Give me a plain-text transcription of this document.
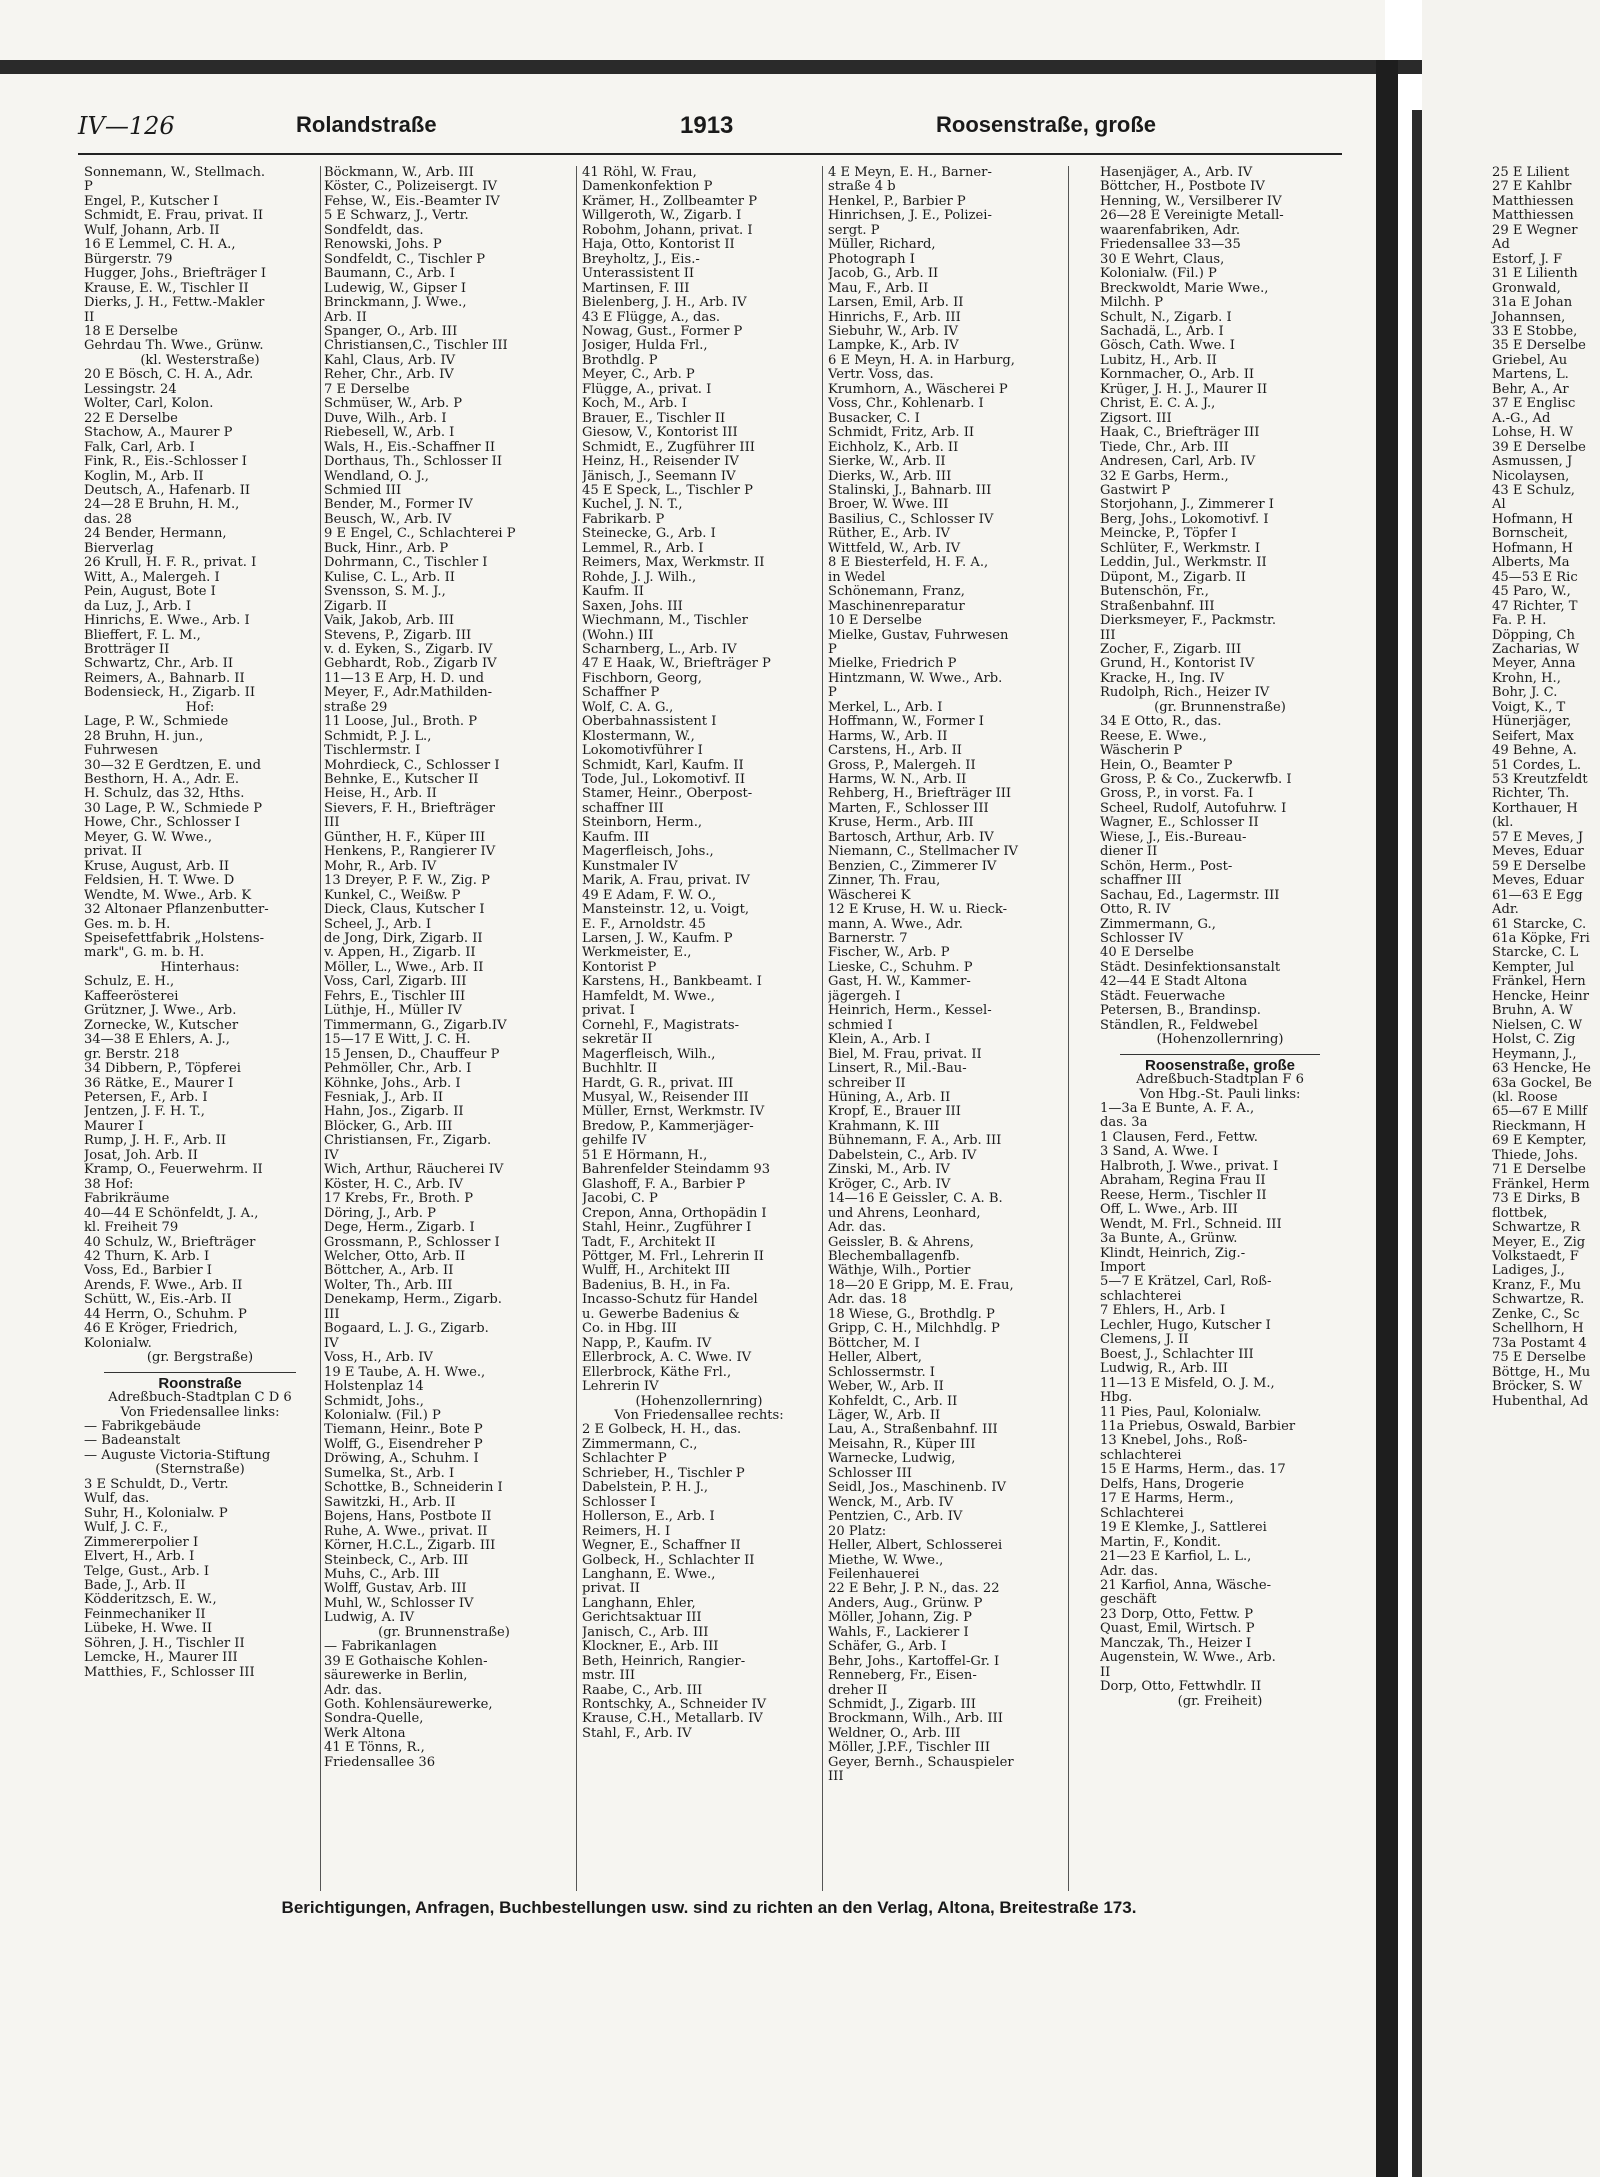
IV—126	Rolandstraße	1913	Roosenstraße, große
Sonnemann, W., Stellmach.
P
Engel, P., Kutscher I
Schmidt, E. Frau, privat. II
Wulf, Johann, Arb. II
16 E Lemmel, C. H. A.,
Bürgerstr. 79
Hugger, Johs., Briefträger I
Krause, E. W., Tischler II
Dierks, J. H., Fettw.-Makler
II
18 E Derselbe
Gehrdau Th. Wwe., Grünw.
(kl. Westerstraße)
20 E Bösch, C. H. A., Adr.
Lessingstr. 24
Wolter, Carl, Kolon.
22 E Derselbe
Stachow, A., Maurer P
Falk, Carl, Arb. I
Fink, R., Eis.-Schlosser I
Koglin, M., Arb. II
Deutsch, A., Hafenarb. II
24—28 E Bruhn, H. M.,
das. 28
24 Bender, Hermann,
Bierverlag
26 Krull, H. F. R., privat. I
Witt, A., Malergeh. I
Pein, August, Bote I
da Luz, J., Arb. I
Hinrichs, E. Wwe., Arb. I
Blieffert, F. L. M.,
Brotträger II
Schwartz, Chr., Arb. II
Reimers, A., Bahnarb. II
Bodensieck, H., Zigarb. II
Hof:
Lage, P. W., Schmiede
28 Bruhn, H. jun.,
Fuhrwesen
30—32 E Gerdtzen, E. und
Besthorn, H. A., Adr. E.
H. Schulz, das 32, Hths.
30 Lage, P. W., Schmiede P
Howe, Chr., Schlosser I
Meyer, G. W. Wwe.,
privat. II
Kruse, August, Arb. II
Feldsien, H. T. Wwe. D
Wendte, M. Wwe., Arb. K
32 Altonaer Pflanzenbutter-
Ges. m. b. H.
Speisefettfabrik „Holstens-
mark", G. m. b. H.
Hinterhaus:
Schulz, E. H.,
Kaffeerösterei
Grützner, J. Wwe., Arb.
Zornecke, W., Kutscher
34—38 E Ehlers, A. J.,
gr. Berstr. 218
34 Dibbern, P., Töpferei
36 Rätke, E., Maurer I
Petersen, F., Arb. I
Jentzen, J. F. H. T.,
Maurer I
Rump, J. H. F., Arb. II
Josat, Joh. Arb. II
Kramp, O., Feuerwehrm. II
38 Hof:
Fabrikräume
40—44 E Schönfeldt, J. A.,
kl. Freiheit 79
40 Schulz, W., Briefträger
42 Thurn, K. Arb. I
Voss, Ed., Barbier I
Arends, F. Wwe., Arb. II
Schütt, W., Eis.-Arb. II
44 Herrn, O., Schuhm. P
46 E Kröger, Friedrich,
Kolonialw.
(gr. Bergstraße)
Roonstraße
Adreßbuch-Stadtplan C D 6
Von Friedensallee links:
— Fabrikgebäude
— Badeanstalt
— Auguste Victoria-Stiftung
(Sternstraße)
3 E Schuldt, D., Vertr.
Wulf, das.
Suhr, H., Kolonialw. P
Wulf, J. C. F.,
Zimmererpolier I
Elvert, H., Arb. I
Telge, Gust., Arb. I
Bade, J., Arb. II
Ködderitzsch, E. W.,
Feinmechaniker II
Lübeke, H. Wwe. II
Söhren, J. H., Tischler II
Lemcke, H., Maurer III
Matthies, F., Schlosser III
Böckmann, W., Arb. III
Köster, C., Polizeisergt. IV
Fehse, W., Eis.-Beamter IV
5 E Schwarz, J., Vertr.
Sondfeldt, das.
Renowski, Johs. P
Sondfeldt, C., Tischler P
Baumann, C., Arb. I
Ludewig, W., Gipser I
Brinckmann, J. Wwe.,
Arb. II
Spanger, O., Arb. III
Christiansen,C., Tischler III
Kahl, Claus, Arb. IV
Reher, Chr., Arb. IV
7 E Derselbe
Schmüser, W., Arb. P
Duve, Wilh., Arb. I
Riebesell, W., Arb. I
Wals, H., Eis.-Schaffner II
Dorthaus, Th., Schlosser II
Wendland, O. J.,
Schmied III
Bender, M., Former IV
Beusch, W., Arb. IV
9 E Engel, C., Schlachterei P
Buck, Hinr., Arb. P
Dohrmann, C., Tischler I
Kulise, C. L., Arb. II
Svensson, S. M. J.,
Zigarb. II
Vaik, Jakob, Arb. III
Stevens, P., Zigarb. III
v. d. Eyken, S., Zigarb. IV
Gebhardt, Rob., Zigarb IV
11—13 E Arp, H. D. und
Meyer, F., Adr.Mathilden-
straße 29
11 Loose, Jul., Broth. P
Schmidt, P. J. L.,
Tischlermstr. I
Mohrdieck, C., Schlosser I
Behnke, E., Kutscher II
Heise, H., Arb. II
Sievers, F. H., Briefträger
III
Günther, H. F., Küper III
Henkens, P., Rangierer IV
Mohr, R., Arb. IV
13 Dreyer, P. F. W., Zig. P
Kunkel, C., Weißw. P
Dieck, Claus, Kutscher I
Scheel, J., Arb. I
de Jong, Dirk, Zigarb. II
v. Appen, H., Zigarb. II
Möller, L., Wwe., Arb. II
Voss, Carl, Zigarb. III
Fehrs, E., Tischler III
Lüthje, H., Müller IV
Timmermann, G., Zigarb.IV
15—17 E Witt, J. C. H.
15 Jensen, D., Chauffeur P
Pehmöller, Chr., Arb. I
Köhnke, Johs., Arb. I
Fesniak, J., Arb. II
Hahn, Jos., Zigarb. II
Blöcker, G., Arb. III
Christiansen, Fr., Zigarb.
IV
Wich, Arthur, Räucherei IV
Köster, H. C., Arb. IV
17 Krebs, Fr., Broth. P
Döring, J., Arb. P
Dege, Herm., Zigarb. I
Grossmann, P., Schlosser I
Welcher, Otto, Arb. II
Böttcher, A., Arb. II
Wolter, Th., Arb. III
Denekamp, Herm., Zigarb.
III
Bogaard, L. J. G., Zigarb.
IV
Voss, H., Arb. IV
19 E Taube, A. H. Wwe.,
Holstenplaz 14
Schmidt, Johs.,
Kolonialw. (Fil.) P
Tiemann, Heinr., Bote P
Wolff, G., Eisendreher P
Dröwing, A., Schuhm. I
Sumelka, St., Arb. I
Schottke, B., Schneiderin I
Sawitzki, H., Arb. II
Bojens, Hans, Postbote II
Ruhe, A. Wwe., privat. II
Körner, H.C.L., Zigarb. III
Steinbeck, C., Arb. III
Muhs, C., Arb. III
Wolff, Gustav, Arb. III
Muhl, W., Schlosser IV
Ludwig, A. IV
(gr. Brunnenstraße)
— Fabrikanlagen
39 E Gothaische Kohlen-
säurewerke in Berlin,
Adr. das.
Goth. Kohlensäurewerke,
Sondra-Quelle,
Werk Altona
41 E Tönns, R.,
Friedensallee 36
41 Röhl, W. Frau,
Damenkonfektion P
Krämer, H., Zollbeamter P
Willgeroth, W., Zigarb. I
Robohm, Johann, privat. I
Haja, Otto, Kontorist II
Breyholtz, J., Eis.-
Unterassistent II
Martinsen, F. III
Bielenberg, J. H., Arb. IV
43 E Flügge, A., das.
Nowag, Gust., Former P
Josiger, Hulda Frl.,
Brothdlg. P
Meyer, C., Arb. P
Flügge, A., privat. I
Koch, M., Arb. I
Brauer, E., Tischler II
Giesow, V., Kontorist III
Schmidt, E., Zugführer III
Heinz, H., Reisender IV
Jänisch, J., Seemann IV
45 E Speck, L., Tischler P
Kuchel, J. N. T.,
Fabrikarb. P
Steinecke, G., Arb. I
Lemmel, R., Arb. I
Reimers, Max, Werkmstr. II
Rohde, J. J. Wilh.,
Kaufm. II
Saxen, Johs. III
Wiechmann, M., Tischler
(Wohn.) III
Scharnberg, L., Arb. IV
47 E Haak, W., Briefträger P
Fischborn, Georg,
Schaffner P
Wolf, C. A. G.,
Oberbahnassistent I
Klostermann, W.,
Lokomotivführer I
Schmidt, Karl, Kaufm. II
Tode, Jul., Lokomotivf. II
Stamer, Heinr., Oberpost-
schaffner III
Steinborn, Herm.,
Kaufm. III
Magerfleisch, Johs.,
Kunstmaler IV
Marik, A. Frau, privat. IV
49 E Adam, F. W. O.,
Mansteinstr. 12, u. Voigt,
E. F., Arnoldstr. 45
Larsen, J. W., Kaufm. P
Werkmeister, E.,
Kontorist P
Karstens, H., Bankbeamt. I
Hamfeldt, M. Wwe.,
privat. I
Cornehl, F., Magistrats-
sekretär II
Magerfleisch, Wilh.,
Buchhltr. II
Hardt, G. R., privat. III
Musyal, W., Reisender III
Müller, Ernst, Werkmstr. IV
Bredow, P., Kammerjäger-
gehilfe IV
51 E Hörmann, H.,
Bahrenfelder Steindamm 93
Glashoff, F. A., Barbier P
Jacobi, C. P
Crepon, Anna, Orthopädin I
Stahl, Heinr., Zugführer I
Tadt, F., Architekt II
Pöttger, M. Frl., Lehrerin II
Wulff, H., Architekt III
Badenius, B. H., in Fa.
Incasso-Schutz für Handel
u. Gewerbe Badenius &
Co. in Hbg. III
Napp, P., Kaufm. IV
Ellerbrock, A. C. Wwe. IV
Ellerbrock, Käthe Frl.,
Lehrerin IV
(Hohenzollernring)
Von Friedensallee rechts:
2 E Golbeck, H. H., das.
Zimmermann, C.,
Schlachter P
Schrieber, H., Tischler P
Dabelstein, P. H. J.,
Schlosser I
Hollerson, E., Arb. I
Reimers, H. I
Wegner, E., Schaffner II
Golbeck, H., Schlachter II
Langhann, E. Wwe.,
privat. II
Langhann, Ehler,
Gerichtsaktuar III
Janisch, C., Arb. III
Klockner, E., Arb. III
Beth, Heinrich, Rangier-
mstr. III
Raabe, C., Arb. III
Rontschky, A., Schneider IV
Krause, C.H., Metallarb. IV
Stahl, F., Arb. IV
4 E Meyn, E. H., Barner-
straße 4 b
Henkel, P., Barbier P
Hinrichsen, J. E., Polizei-
sergt. P
Müller, Richard,
Photograph I
Jacob, G., Arb. II
Mau, F., Arb. II
Larsen, Emil, Arb. II
Hinrichs, F., Arb. III
Siebuhr, W., Arb. IV
Lampke, K., Arb. IV
6 E Meyn, H. A. in Harburg,
Vertr. Voss, das.
Krumhorn, A., Wäscherei P
Voss, Chr., Kohlenarb. I
Busacker, C. I
Schmidt, Fritz, Arb. II
Eichholz, K., Arb. II
Sierke, W., Arb. II
Dierks, W., Arb. III
Stalinski, J., Bahnarb. III
Broer, W. Wwe. III
Basilius, C., Schlosser IV
Rüther, E., Arb. IV
Wittfeld, W., Arb. IV
8 E Biesterfeld, H. F. A.,
in Wedel
Schönemann, Franz,
Maschinenreparatur
10 E Derselbe
Mielke, Gustav, Fuhrwesen
P
Mielke, Friedrich P
Hintzmann, W. Wwe., Arb.
P
Merkel, L., Arb. I
Hoffmann, W., Former I
Harms, W., Arb. II
Carstens, H., Arb. II
Gross, P., Malergeh. II
Harms, W. N., Arb. II
Rehberg, H., Briefträger III
Marten, F., Schlosser III
Kruse, Herm., Arb. III
Bartosch, Arthur, Arb. IV
Niemann, C., Stellmacher IV
Benzien, C., Zimmerer IV
Zinner, Th. Frau,
Wäscherei K
12 E Kruse, H. W. u. Rieck-
mann, A. Wwe., Adr.
Barnerstr. 7
Fischer, W., Arb. P
Lieske, C., Schuhm. P
Gast, H. W., Kammer-
jägergeh. I
Heinrich, Herm., Kessel-
schmied I
Klein, A., Arb. I
Biel, M. Frau, privat. II
Linsert, R., Mil.-Bau-
schreiber II
Hüning, A., Arb. II
Kropf, E., Brauer III
Krahmann, K. III
Bühnemann, F. A., Arb. III
Dabelstein, C., Arb. IV
Zinski, M., Arb. IV
Kröger, C., Arb. IV
14—16 E Geissler, C. A. B.
und Ahrens, Leonhard,
Adr. das.
Geissler, B. & Ahrens,
Blechemballagenfb.
Wäthje, Wilh., Portier
18—20 E Gripp, M. E. Frau,
Adr. das. 18
18 Wiese, G., Brothdlg. P
Gripp, C. H., Milchhdlg. P
Böttcher, M. I
Heller, Albert,
Schlossermstr. I
Weber, W., Arb. II
Kohfeldt, C., Arb. II
Läger, W., Arb. II
Lau, A., Straßenbahnf. III
Meisahn, R., Küper III
Warnecke, Ludwig,
Schlosser III
Seidl, Jos., Maschinenb. IV
Wenck, M., Arb. IV
Pentzien, C., Arb. IV
20 Platz:
Heller, Albert, Schlosserei
Miethe, W. Wwe.,
Feilenhauerei
22 E Behr, J. P. N., das. 22
Anders, Aug., Grünw. P
Möller, Johann, Zig. P
Wahls, F., Lackierer I
Schäfer, G., Arb. I
Behr, Johs., Kartoffel-Gr. I
Renneberg, Fr., Eisen-
dreher II
Schmidt, J., Zigarb. III
Brockmann, Wilh., Arb. III
Weldner, O., Arb. III
Möller, J.P.F., Tischler III
Geyer, Bernh., Schauspieler
III
Hasenjäger, A., Arb. IV
Böttcher, H., Postbote IV
Henning, W., Versilberer IV
26—28 E Vereinigte Metall-
waarenfabriken, Adr.
Friedensallee 33—35
30 E Wehrt, Claus,
Kolonialw. (Fil.) P
Breckwoldt, Marie Wwe.,
Milchh. P
Schult, N., Zigarb. I
Sachadä, L., Arb. I
Gösch, Cath. Wwe. I
Lubitz, H., Arb. II
Kornmacher, O., Arb. II
Krüger, J. H. J., Maurer II
Christ, E. C. A. J.,
Zigsort. III
Haak, C., Briefträger III
Tiede, Chr., Arb. III
Andresen, Carl, Arb. IV
32 E Garbs, Herm.,
Gastwirt P
Storjohann, J., Zimmerer I
Berg, Johs., Lokomotivf. I
Meincke, P., Töpfer I
Schlüter, F., Werkmstr. I
Leddin, Jul., Werkmstr. II
Düpont, M., Zigarb. II
Butenschön, Fr.,
Straßenbahnf. III
Dierksmeyer, F., Packmstr.
III
Zocher, F., Zigarb. III
Grund, H., Kontorist IV
Kracke, H., Ing. IV
Rudolph, Rich., Heizer IV
(gr. Brunnenstraße)
34 E Otto, R., das.
Reese, E. Wwe.,
Wäscherin P
Hein, O., Beamter P
Gross, P. & Co., Zuckerwfb. I
Gross, P., in vorst. Fa. I
Scheel, Rudolf, Autofuhrw. I
Wagner, E., Schlosser II
Wiese, J., Eis.-Bureau-
diener II
Schön, Herm., Post-
schaffner III
Sachau, Ed., Lagermstr. III
Otto, R. IV
Zimmermann, G.,
Schlosser IV
40 E Derselbe
Städt. Desinfektionsanstalt
42—44 E Stadt Altona
Städt. Feuerwache
Petersen, B., Brandinsp.
Ständlen, R., Feldwebel
(Hohenzollernring)
Roosenstraße, große
Adreßbuch-Stadtplan F 6
Von Hbg.-St. Pauli links:
1—3a E Bunte, A. F. A.,
das. 3a
1 Clausen, Ferd., Fettw.
3 Sand, A. Wwe. I
Halbroth, J. Wwe., privat. I
Abraham, Regina Frau II
Reese, Herm., Tischler II
Off, L. Wwe., Arb. III
Wendt, M. Frl., Schneid. III
3a Bunte, A., Grünw.
Klindt, Heinrich, Zig.-
Import
5—7 E Krätzel, Carl, Roß-
schlachterei
7 Ehlers, H., Arb. I
Lechler, Hugo, Kutscher I
Clemens, J. II
Boest, J., Schlachter III
Ludwig, R., Arb. III
11—13 E Misfeld, O. J. M.,
Hbg.
11 Pies, Paul, Kolonialw.
11a Priebus, Oswald, Barbier
13 Knebel, Johs., Roß-
schlachterei
15 E Harms, Herm., das. 17
Delfs, Hans, Drogerie
17 E Harms, Herm.,
Schlachterei
19 E Klemke, J., Sattlerei
Martin, F., Kondit.
21—23 E Karfiol, L. L.,
Adr. das.
21 Karfiol, Anna, Wäsche-
geschäft
23 Dorp, Otto, Fettw. P
Quast, Emil, Wirtsch. P
Manczak, Th., Heizer I
Augenstein, W. Wwe., Arb.
II
Dorp, Otto, Fettwhdlr. II
(gr. Freiheit)
Berichtigungen, Anfragen, Buchbestellungen usw. sind zu richten an den Verlag, Altona, Breitestraße 173.
25 E Lilient
27 E Kahlbr
Matthiessen
Matthiessen
29 E Wegner
Ad
Estorf, J. F
31 E Lilienth
Gronwald,
31a E Johan
Johannsen,
33 E Stobbe,
35 E Derselbe
Griebel, Au
Martens, L.
Behr, A., Ar
37 E Englisc
A.-G., Ad
Lohse, H. W
39 E Derselbe
Asmussen, J
Nicolaysen,
43 E Schulz,
Al
Hofmann, H
Bornscheit,
Hofmann, H
Alberts, Ma
45—53 E Ric
45 Paro, W.,
47 Richter, T
Fa. P. H.
Döpping, Ch
Zacharias, W
Meyer, Anna
Krohn, H.,
Bohr, J. C.
Voigt, K., T
Hünerjäger,
Seifert, Max
49 Behne, A.
51 Cordes, L.
53 Kreutzfeldt
Richter, Th.
Korthauer, H
(kl.
57 E Meves, J
Meves, Eduar
59 E Derselbe
Meves, Eduar
61—63 E Egg
Adr.
61 Starcke, C.
61a Köpke, Fri
Starcke, C. L
Kempter, Jul
Fränkel, Hern
Hencke, Heinr
Bruhn, A. W
Nielsen, C. W
Holst, C. Zig
Heymann, J.,
63 Hencke, He
63a Gockel, Be
(kl. Roose
65—67 E Millf
Rieckmann, H
69 E Kempter,
Thiede, Johs.
71 E Derselbe
Fränkel, Herm
73 E Dirks, B
flottbek,
Schwartze, R
Meyer, E., Zig
Volkstaedt, F
Ladiges, J.,
Kranz, F., Mu
Schwartze, R.
Zenke, C., Sc
Schellhorn, H
73a Postamt 4
75 E Derselbe
Böttge, H., Mu
Bröcker, S. W
Hubenthal, Ad
